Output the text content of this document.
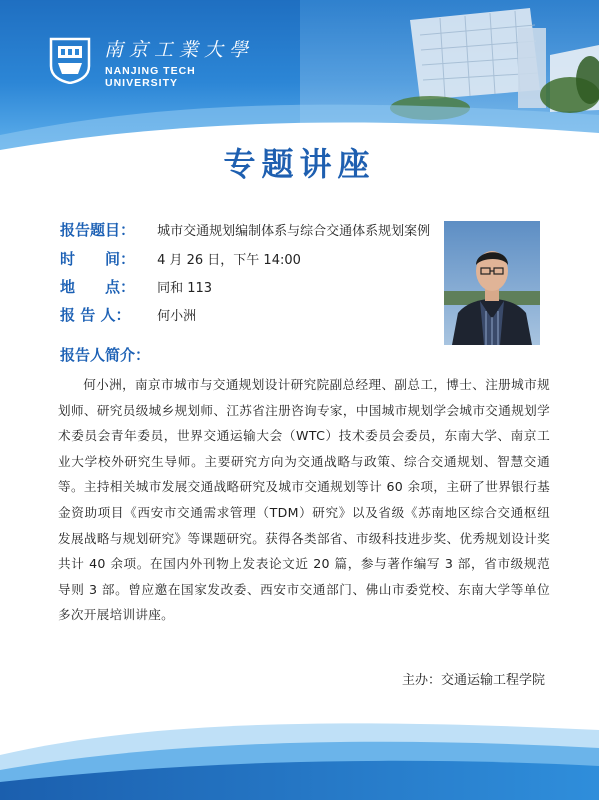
南京工業大學
NANJING TECH
UNIVERSITY
专题讲座
报告题目： 城市交通规划编制体系与综合交通体系规划案例
时　　间： 4 月 26 日，下午 14:00
地　　点： 同和 113
报 告 人： 何小洲
报告人简介：
何小洲，南京市城市与交通规划设计研究院副总经理、副总工，博士、注册城市规划师、研究员级城乡规划师、江苏省注册咨询专家，中国城市规划学会城市交通规划学术委员会青年委员，世界交通运输大会（WTC）技术委员会委员，东南大学、南京工业大学校外研究生导师。主要研究方向为交通战略与政策、综合交通规划、智慧交通等。主持相关城市发展交通战略研究及城市交通规划等计 60 余项，主研了世界银行基金资助项目《西安市交通需求管理（TDM）研究》以及省级《苏南地区综合交通枢纽发展战略与规划研究》等课题研究。获得各类部省、市级科技进步奖、优秀规划设计奖共计 40 余项。在国内外刊物上发表论文近 20 篇，参与著作编写 3 部，省市级规范导则 3 部。曾应邀在国家发改委、西安市交通部门、佛山市委党校、东南大学等单位多次开展培训讲座。
主办：交通运输工程学院
